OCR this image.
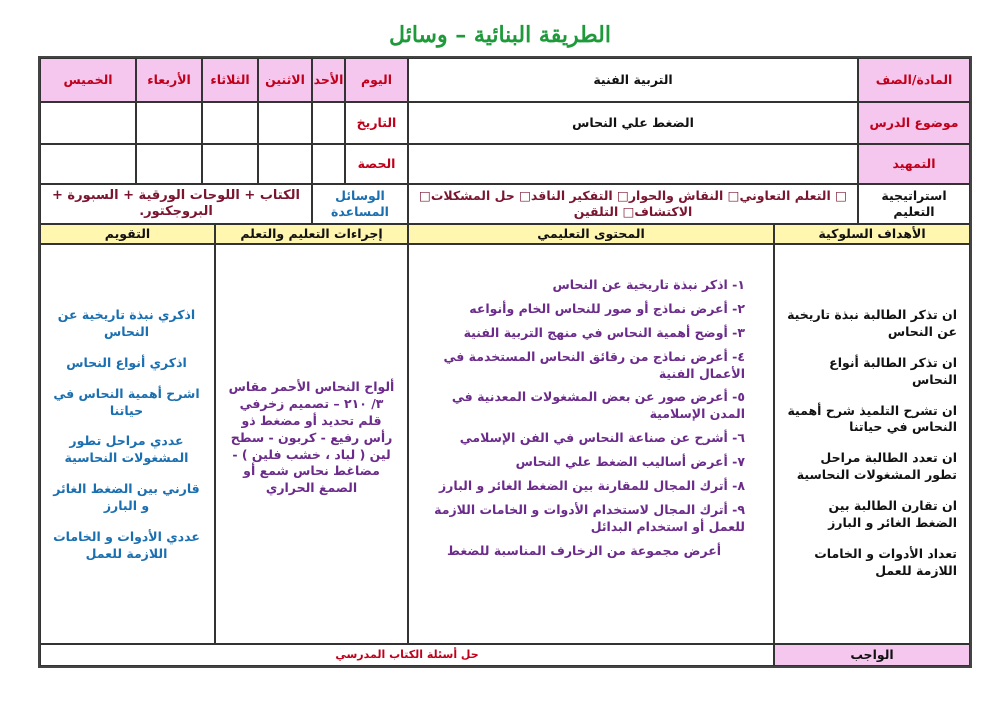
الطريقة البنائية – وسائل
المادة/الصف
التربية الفنية
اليوم
الأحد
الاثنين
الثلاثاء
الأربعاء
الخميس
موضوع الدرس
الضغط علي النحاس
التاريخ
التمهيد
الحصة
استراتيجية التعليم
□ التعلم التعاوني□ النقاش والحوار□ التفكير الناقد□ حل المشكلات□ الاكتشاف□ التلقين
الوسائل المساعدة
الكتاب + اللوحات الورقية + السبورة + البروجكتور.
الأهداف السلوكية
المحتوى التعليمي
إجراءات التعليم والتعلم
التقويم

ان تذكر الطالبة نبذة تاريخية عن النحاس

ان تذكر الطالبة أنواع النحاس

ان تشرح التلميذ شرح أهمية النحاس في حياتنا

ان تعدد الطالبة مراحل تطور المشغولات النحاسية

ان تقارن الطالبة بين الضغط الغائر و البارز

تعداد الأدوات و الخامات اللازمة للعمل

١- اذكر نبذة تاريخية عن النحاس
٢- أعرض نماذج أو صور للنحاس الخام وأنواعه
٣- أوضح أهمية النحاس في منهج التربية الفنية
٤- أعرض نماذج من رقائق النحاس المستخدمة في الأعمال الفنية
٥- أعرض صور عن بعض المشغولات المعدنية في المدن الإسلامية
٦- أشرح عن صناعة النحاس في الفن الإسلامي
٧- أعرض أساليب الضغط علي النحاس
٨- أترك المجال للمقارنة بين الضغط الغائر و البارز
٩- أترك المجال لاستخدام الأدوات و الخامات اللازمة للعمل أو استخدام البدائل
أعرض مجموعة من الزخارف المناسبة للضغط
ألواح النحاس الأحمر مقاس ٣/ ٢١٠ – تصميم زخرفي قلم تحديد أو مضغط ذو رأس رفيع - كربون - سطح لين ( لباد ، خشب فلين ) - مضاغط نحاس شمع أو الصمغ الحراري

اذكري نبذة تاريخية عن النحاس

اذكري أنواع النحاس

اشرح أهمية النحاس في حياتنا

عددي مراحل تطور المشغولات النحاسية

قارني بين الضغط الغائر و البارز

عددي الأدوات و الخامات اللازمة للعمل

الواجب
حل أسئلة الكتاب المدرسي
